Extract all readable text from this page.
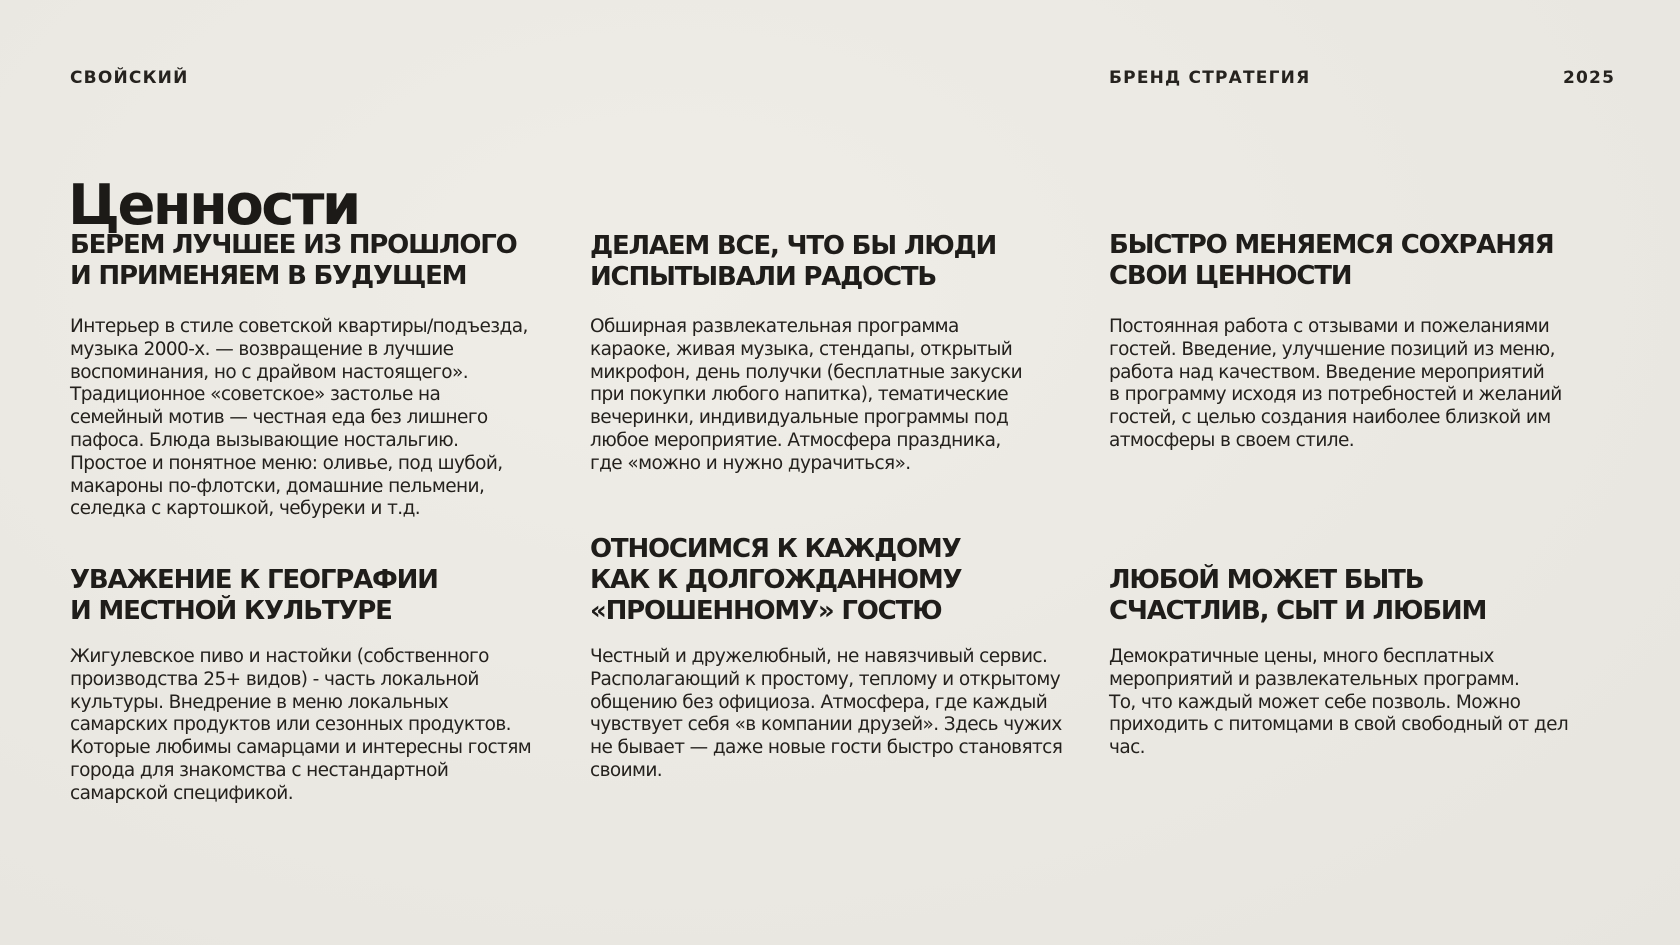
СВОЙСКИЙ	БРЕНД СТРАТЕГИЯ	2025
Ценности
БЕРЕМ ЛУЧШЕЕ ИЗ ПРОШЛОГО
И ПРИМЕНЯЕМ В БУДУЩЕМ

Интерьер в стиле советской квартиры/подъезда,
музыка 2000-х. — возвращение в лучшие
воспоминания, но с драйвом настоящего».
Традиционное «советское» застолье на
семейный мотив — честная еда без лишнего
пафоса. Блюда вызывающие ностальгию.
Простое и понятное меню: оливье, под шубой,
макароны по-флотски, домашние пельмени,
селедка с картошкой, чебуреки и т.д.

ДЕЛАЕМ ВСЕ, ЧТО БЫ ЛЮДИ
ИСПЫТЫВАЛИ РАДОСТЬ

Обширная развлекательная программа
караоке, живая музыка, стендапы, открытый
микрофон, день получки (бесплатные закуски
при покупки любого напитка), тематические
вечеринки, индивидуальные программы под
любое мероприятие. Атмосфера праздника,
где «можно и нужно дурачиться».

БЫСТРО МЕНЯЕМСЯ СОХРАНЯЯ
СВОИ ЦЕННОСТИ

Постоянная работа с отзывами и пожеланиями
гостей. Введение, улучшение позиций из меню,
работа над качеством. Введение мероприятий
в программу исходя из потребностей и желаний
гостей, с целью создания наиболее близкой им
атмосферы в своем стиле.

УВАЖЕНИЕ К ГЕОГРАФИИ
И МЕСТНОЙ КУЛЬТУРЕ

Жигулевское пиво и настойки (собственного
производства 25+ видов) - часть локальной
культуры. Внедрение в меню локальных
самарских продуктов или сезонных продуктов.
Которые любимы самарцами и интересны гостям
города для знакомства с нестандартной
самарской спецификой.

ОТНОСИМСЯ К КАЖДОМУ
КАК К ДОЛГОЖДАННОМУ
«ПРОШЕННОМУ» ГОСТЮ

Честный и дружелюбный, не навязчивый сервис.
Располагающий к простому, теплому и открытому
общению без официоза. Атмосфера, где каждый
чувствует себя «в компании друзей». Здесь чужих
не бывает — даже новые гости быстро становятся
своими.

ЛЮБОЙ МОЖЕТ БЫТЬ
СЧАСТЛИВ, СЫТ И ЛЮБИМ

Демократичные цены, много бесплатных
мероприятий и развлекательных программ.
То, что каждый может себе позволь. Можно
приходить с питомцами в свой свободный от дел
час.
